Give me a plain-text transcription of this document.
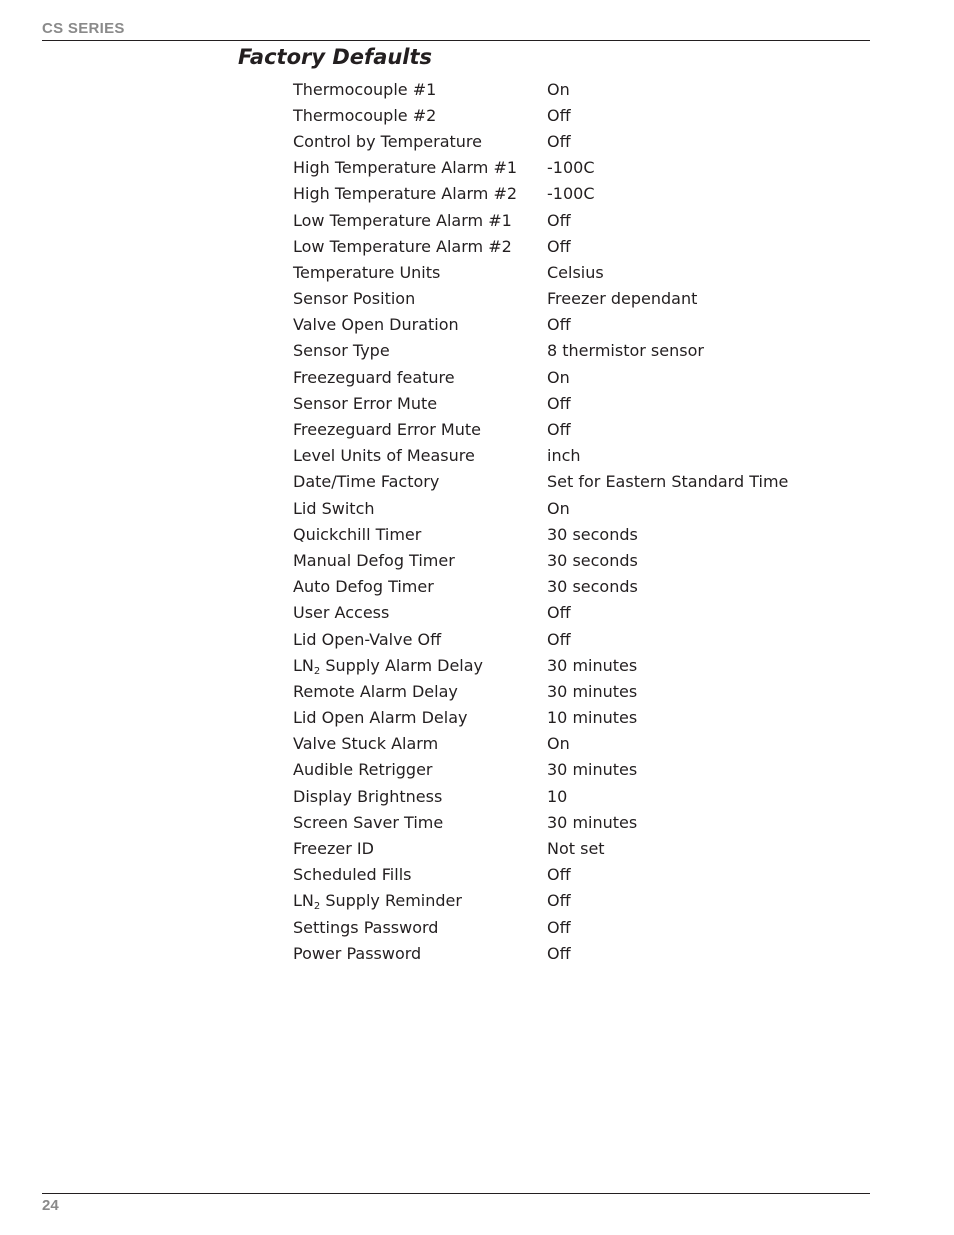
CS SERIES
Factory Defaults
Thermocouple #1	On
Thermocouple #2	Off
Control by Temperature	Off
High Temperature Alarm #1	-100C
High Temperature Alarm #2	-100C
Low Temperature Alarm #1	Off
Low Temperature Alarm #2	Off
Temperature Units	Celsius
Sensor Position	Freezer dependant
Valve Open Duration	Off
Sensor Type	8 thermistor sensor
Freezeguard feature	On
Sensor Error Mute	Off
Freezeguard Error Mute	Off
Level Units of Measure	inch
Date/Time Factory	Set for Eastern Standard Time
Lid Switch	On
Quickchill Timer	30 seconds
Manual Defog Timer	30 seconds
Auto Defog Timer	30 seconds
User Access	Off
Lid Open-Valve Off	Off
$LN_2$ Supply Alarm Delay	30 minutes
Remote Alarm Delay	30 minutes
Lid Open Alarm Delay	10 minutes
Valve Stuck Alarm	On
Audible Retrigger	30 minutes
Display Brightness	10
Screen Saver Time	30 minutes
Freezer ID	Not set
Scheduled Fills	Off
$LN_2$ Supply Reminder	Off
Settings Password	Off
Power Password	Off
24
